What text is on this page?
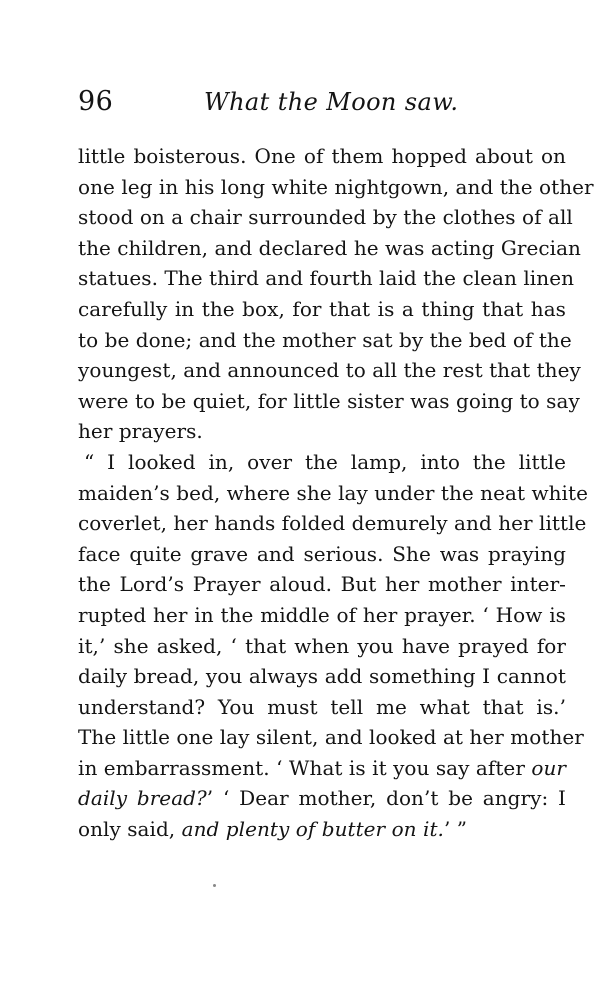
96	What the Moon saw.
little boisterous. One of them hopped about on
one leg in his long white nightgown, and the other
stood on a chair surrounded by the clothes of all
the children, and declared he was acting Grecian
statues. The third and fourth laid the clean linen
carefully in the box, for that is a thing that has
to be done; and the mother sat by the bed of the
youngest, and announced to all the rest that they
were to be quiet, for little sister was going to say
her prayers.
“ I looked in, over the lamp, into the little
maiden’s bed, where she lay under the neat white
coverlet, her hands folded demurely and her little
face quite grave and serious. She was praying
the Lord’s Prayer aloud. But her mother inter-
rupted her in the middle of her prayer. ‘ How is
it,’ she asked, ‘ that when you have prayed for
daily bread, you always add something I cannot
understand? You must tell me what that is.’
The little one lay silent, and looked at her mother
in embarrassment. ‘ What is it you say after our
daily bread?’ ‘ Dear mother, don’t be angry: I
only said, and plenty of butter on it.’ ”
